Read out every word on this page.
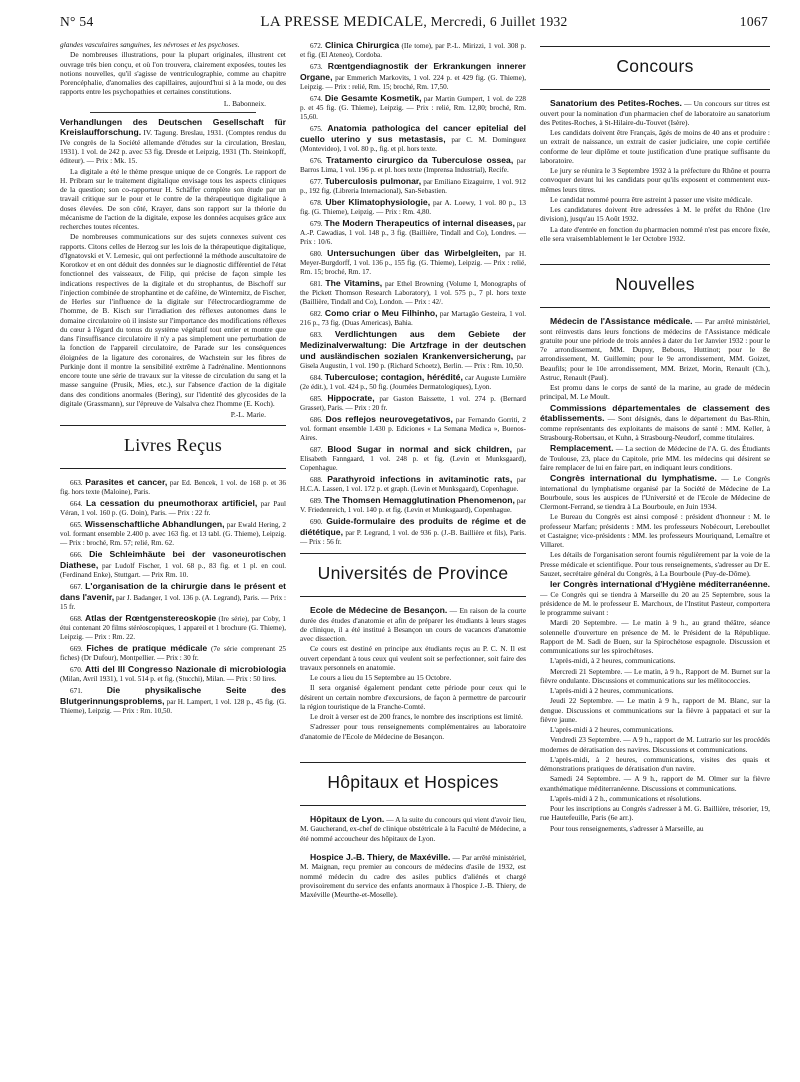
N° 54	LA PRESSE MEDICALE, Mercredi, 6 Juillet 1932	1067

glandes vasculaires sanguines, les névroses et les psychoses.

De nombreuses illustrations, pour la plupart originales, illustrent cet ouvrage très bien conçu, et où l'on trouvera, clairement exposées, toutes les notions nouvelles, qu'il s'agisse de ventriculographie, comme au chapitre Porencéphalie, d'anomalies des capillaires, aujourd'hui si à la mode, ou des rapports entre les psychopathies et certaines constitutions.

L. Babonneix.

Verhandlungen des Deutschen Gesellschaft für Kreislaufforschung. IV. Tagung. Breslau, 1931. (Comptes rendus du IVe congrès de la Société allemande d'études sur la circulation, Breslau, 1931). 1 vol. de 242 p. avec 53 fig. Dresde et Leipzig, 1931 (Th. Steinkopff, éditeur). — Prix : Mk. 15.

La digitale a été le thème presque unique de ce Congrès. Le rapport de H. Pribram sur le traitement digitalique envisage tous les aspects cliniques de la question; son co-rapporteur H. Schäffer complète son étude par un travail critique sur le pour et le contre de la thérapeutique digitalique à doses élevées. De son côté, Krayer, dans son rapport sur la théorie du mécanisme de l'action de la digitale, expose les données acquises grâce aux recherches toutes récentes.

De nombreuses communications sur des sujets connexes suivent ces rapports. Citons celles de Herzog sur les lois de la thérapeutique digitalique, d'Ignatovski et V. Lemesic, qui ont perfectionné la méthode auscultatoire de Korotkov et en ont déduit des données sur le diagnostic différentiel de l'état fonctionnel des vaisseaux, de Filip, qui précise de façon simple les indications respectives de la digitale et du strophantus, de Bischoff sur l'injection combinée de strophantine et de caféine, de Winternitz, de Fischer, de Herles sur l'influence de la digitale sur l'électrocardiogramme de l'homme, de B. Kisch sur l'irradiation des réflexes autonomes dans le domaine circulatoire où il insiste sur l'importance des modifications réflexes du cœur à l'égard du tonus du système végétatif tout entier et montre que dans l'insuffisance circulatoire il n'y a pas simplement une perturbation de la fonction de l'appareil circulatoire, de Parade sur les conséquences éloignées de la ligature des coronaires, de Wachstein sur les fibres de Purkinje dont il montre la sensibilité extrême à l'adrénaline. Mentionnons encore toute une série de travaux sur la vitesse de circulation du sang et la masse sanguine (Prusik, Mies, etc.), sur l'absence d'action de la digitale dans des conditions anormales (Bering), sur l'identité des glycosides de la digitale (Grassmann), sur l'épreuve de Valsalva chez l'homme (E. Koch).

P.-L. Marie.

Livres Reçus

663. Parasites et cancer, par Ed. Bencek, 1 vol. de 168 p. et 36 fig. hors texte (Maloine), Paris.

664. La cessation du pneumothorax artificiel, par Paul Véran, 1 vol. 160 p. (G. Doin), Paris. — Prix : 22 fr.

665. Wissenschaftliche Abhandlungen, par Ewald Hering, 2 vol. formant ensemble 2.400 p. avec 163 fig. et 13 tabl. (G. Thieme), Leipzig. — Prix : broché, Rm. 57; relié, Rm. 62.

666. Die Schleimhäute bei der vasoneurotischen Diathese, par Ludolf Fischer, 1 vol. 68 p., 83 fig. et 1 pl. en coul. (Ferdinand Enke), Stuttgart. — Prix Rm. 10.

667. L'organisation de la chirurgie dans le présent et dans l'avenir, par J. Badanger, 1 vol. 136 p. (A. Legrand), Paris. — Prix : 15 fr.

668. Atlas der Rœntgenstereoskopie (Ire série), par Coby, 1 étui contenant 20 films stéréoscopiques, 1 appareil et 1 brochure (G. Thieme), Leipzig. — Prix : Rm. 22.

669. Fiches de pratique médicale (7e série comprenant 25 fiches) (Dr Dufour), Montpellier. — Prix : 30 fr.

670. Atti del III Congresso Nazionale di microbiologia (Milan, Avril 1931), 1 vol. 514 p. et fig. (Stucchi), Milan. — Prix : 50 lires.

671.	Die physikalische Seite des Blutgerinnungsproblems, par H. Lampert, 1 vol. 128 p., 45 fig. (G. Thieme), Leipzig. — Prix : Rm. 10,50.

672. Clinica Chirurgica (IIe tome), par P.-L. Mirizzi, 1 vol. 308 p. et fig. (El Ateneo), Cordoba.

673. Rœntgendiagnostik der Erkrankungen innerer Organe, par Emmerich Markovits, 1 vol. 224 p. et 429 fig. (G. Thieme), Leipzig. — Prix : relié, Rm. 15; broché, Rm. 17,50.

674. Die Gesamte Kosmetik, par Martin Gumpert, 1 vol. de 228 p. et 45 fig. (G. Thieme), Leipzig. — Prix : relié, Rm. 12,80; broché, Rm. 15,60.

675. Anatomia pathologica del cancer epitelial del cuello uterino y sus metastasis, par C. M. Dominguez (Montevideo), 1 vol. 80 p., fig. et pl. hors texte.

676. Tratamento cirurgico da Tuberculose ossea, par Barros Lima, 1 vol. 196 p. et pl. hors texte (Imprensa Industrial), Recife.

677. Tuberculosis pulmonar, par Emiliano Eizaguirre, 1 vol. 912 p., 192 fig. (Libreria Internacional), San-Sebastien.

678. Uber Klimatophysiologie, par A. Loewy, 1 vol. 80 p., 13 fig. (G. Thieme), Leipzig. — Prix : Rm. 4,80.

679. The Modern Therapeutics of internal diseases, par A.-P. Cawadias, 1 vol. 148 p., 3 fig. (Baillière, Tindall and Co), Londres. — Prix : 10/6.

680. Untersuchungen über das Wirbelgleiten, par H. Meyer-Burgdorff, 1 vol. 136 p., 155 fig. (G. Thieme), Leipzig. — Prix : relié, Rm. 15; broché, Rm. 17.

681. The Vitamins, par Ethel Browning (Volume I, Monographs of the Pickett Thomson Research Laboratory), 1 vol. 575 p., 7 pl. hors texte (Baillière, Tindall and Co), London. — Prix : 42/.

682. Como criar o Meu Filhinho, par Martagão Gesteira, 1 vol. 216 p., 73 fig. (Duas Americas), Bahia.

683. Verdlichtungen aus dem Gebiete der Medizinalverwaltung: Die Artzfrage in der deutschen und ausländischen sozialen Krankenversicherung, par Gisela Augustin, 1 vol. 190 p. (Richard Schoetz), Berlin. — Prix : Rm. 10,50.

684. Tuberculose; contagion, hérédité, car Auguste Lumière (2e édit.), 1 vol. 424 p., 50 fig. (Journées Dermatologiques), Lyon.

685. Hippocrate, par Gaston Baissette, 1 vol. 274 p. (Bernard Grasset), Paris. — Prix : 20 fr.

686. Dos reflejos neurovegetativos, par Fernando Gorriti, 2 vol. formant ensemble 1.430 p. Ediciones « La Semana Medica », Buenos-Aires.

687. Blood Sugar in normal and sick children, par Elisabeth Fanngaard, 1 vol. 248 p. et fig. (Levin et Munksgaard), Copenhague.

688. Parathyroid infections in avitaminotic rats, par H.C.A. Lassen, 1 vol. 172 p. et graph. (Levin et Munksgaard), Copenhague.

689. The Thomsen Hemagglutination Phenomenon, par V. Friedenreich, 1 vol. 140 p. et fig. (Levin et Munksgaard), Copenhague.

690. Guide-formulaire des produits de régime et de diététique, par P. Legrand, 1 vol. de 936 p. (J.-B. Baillière et fils), Paris. — Prix : 56 fr.

Universités de Province

Ecole de Médecine de Besançon. — En raison de la courte durée des études d'anatomie et afin de préparer les étudiants à leurs stages de clinique, il a été institué à Besançon un cours de vacances d'anatomie avec dissection.

Ce cours est destiné en principe aux étudiants reçus au P. C. N. Il est ouvert cependant à tous ceux qui veulent soit se perfectionner, soit faire des travaux personnels en anatomie.

Le cours a lieu du 15 Septembre au 15 Octobre.

Il sera organisé également pendant cette période pour ceux qui le désirent un certain nombre d'excursions, de façon à permettre de parcourir la région touristique de la Franche-Comté.

Le droit à verser est de 200 francs, le nombre des inscriptions est limité.

S'adresser pour tous renseignements complémentaires au laboratoire d'anatomie de l'Ecole de Médecine de Besançon.

Hôpitaux et Hospices

Hôpitaux de Lyon. — A la suite du concours qui vient d'avoir lieu, M. Gaucherand, ex-chef de clinique obstétricale à la Faculté de Médecine, a été nommé accoucheur des hôpitaux de Lyon.

Hospice J.-B. Thiery, de Maxéville. — Par arrêté ministériel, M. Maignan, reçu premier au concours de médecins d'asile de 1932, est nommé médecin du cadre des asiles publics d'aliénés et chargé provisoirement du service des enfants anormaux à l'hospice J.-B. Thiery, de Maxéville (Meurthe-et-Moselle).

Concours

Sanatorium des Petites-Roches. — Un concours sur titres est ouvert pour la nomination d'un pharmacien chef de laboratoire au sanatorium des Petites-Roches, à St-Hilaire-du-Touvet (Isère).

Les candidats doivent être Français, âgés de moins de 40 ans et produire : un extrait de naissance, un extrait de casier judiciaire, une copie certifiée conforme de leur diplôme et toute justification d'une pratique suffisante du laboratoire.

Le jury se réunira le 3 Septembre 1932 à la préfecture du Rhône et pourra convoquer devant lui les candidats pour qu'ils exposent et commentent eux-mêmes leurs titres.

Le candidat nommé pourra être astreint à passer une visite médicale.

Les candidatures doivent être adressées à M. le préfet du Rhône (1re division), jusqu'au 15 Août 1932.

La date d'entrée en fonction du pharmacien nommé n'est pas encore fixée, elle sera vraisemblablement le 1er Octobre 1932.

Nouvelles

Médecin de l'Assistance médicale. — Par arrêté ministériel, sont réinvestis dans leurs fonctions de médecins de l'Assistance médicale gratuite pour une période de trois années à dater du 1er Janvier 1932 : pour le 7e arrondissement, MM. Dupuy, Bebous, Huttinot; pour le 8e arrondissement, M. Guillemin; pour le 9e arrondissement, MM. Goizet, Beaufils; pour le 10e arrondissement, MM. Brizet, Morin, Renault (Ch.), Astruc, Renault (Paul).

Est promu dans le corps de santé de la marine, au grade de médecin principal, M. Le Moult.

Commissions départementales de classement des établissements. — Sont désignés, dans le département du Bas-Rhin, comme représentants des exploitants de maisons de santé : MM. Keller, à Strasbourg-Robertsau, et Kuhn, à Strasbourg-Neudorf, comme titulaires.

Remplacement. — La section de Médecine de l'A. G. des Étudiants de Toulouse, 23, place du Capitole, prie MM. les médecins qui désirent se faire remplacer de lui en faire part, en indiquant leurs conditions.

Congrès international du lymphatisme. — Le Congrès international du lymphatisme organisé par la Société de Médecine de La Bourboule, sous les auspices de l'Université et de l'Ecole de Médecine de Clermont-Ferrand, se tiendra à La Bourboule, en Juin 1934.

Le Bureau du Congrès est ainsi composé : président d'honneur : M. le professeur Marfan; présidents : MM. les professeurs Nobécourt, Lereboullet et Castaigne; vice-présidents : MM. les professeurs Mouriquand, Lemaître et Villaret.

Les détails de l'organisation seront fournis régulièrement par la voie de la Presse médicale et scientifique. Pour tous renseignements, s'adresser au Dr E. Sauzet, secrétaire général du Congrès, à La Bourboule (Puy-de-Dôme).

Ier Congrès international d'Hygiène méditerranéenne. — Ce Congrès qui se tiendra à Marseille du 20 au 25 Septembre, sous la présidence de M. le professeur E. Marchoux, de l'Institut Pasteur, comportera le programme suivant :

Mardi 20 Septembre. — Le matin à 9 h., au grand théâtre, séance solennelle d'ouverture en présence de M. le Président de la République. Rapport de M. Sadi de Buen, sur la Spirochétose espagnole. Discussion et communications sur les spirochétoses.

L'après-midi, à 2 heures, communications.

Mercredi 21 Septembre. — Le matin, à 9 h., Rapport de M. Burnet sur la fièvre ondulante. Discussions et communications sur les mélitococcies.

L'après-midi à 2 heures, communications.

Jeudi 22 Septembre. — Le matin à 9 h., rapport de M. Blanc, sur la dengue. Discussions et communications sur la fièvre à pappataci et sur la fièvre jaune.

L'après-midi à 2 heures, communications.

Vendredi 23 Septembre. — A 9 h., rapport de M. Lutrario sur les procédés modernes de dératisation des navires. Discussions et communications.

L'après-midi, à 2 heures, communications, visites des quais et démonstrations pratiques de dératisation d'un navire.

Samedi 24 Septembre. — A 9 h., rapport de M. Olmer sur la fièvre exanthématique méditerranéenne. Discussions et communications.

L'après-midi à 2 h., communications et résolutions.

Pour les inscriptions au Congrès s'adresser à M. G. Baillière, trésorier, 19, rue Hautefeuille, Paris (6e arr.).

Pour tous renseignements, s'adresser à Marseille, au
